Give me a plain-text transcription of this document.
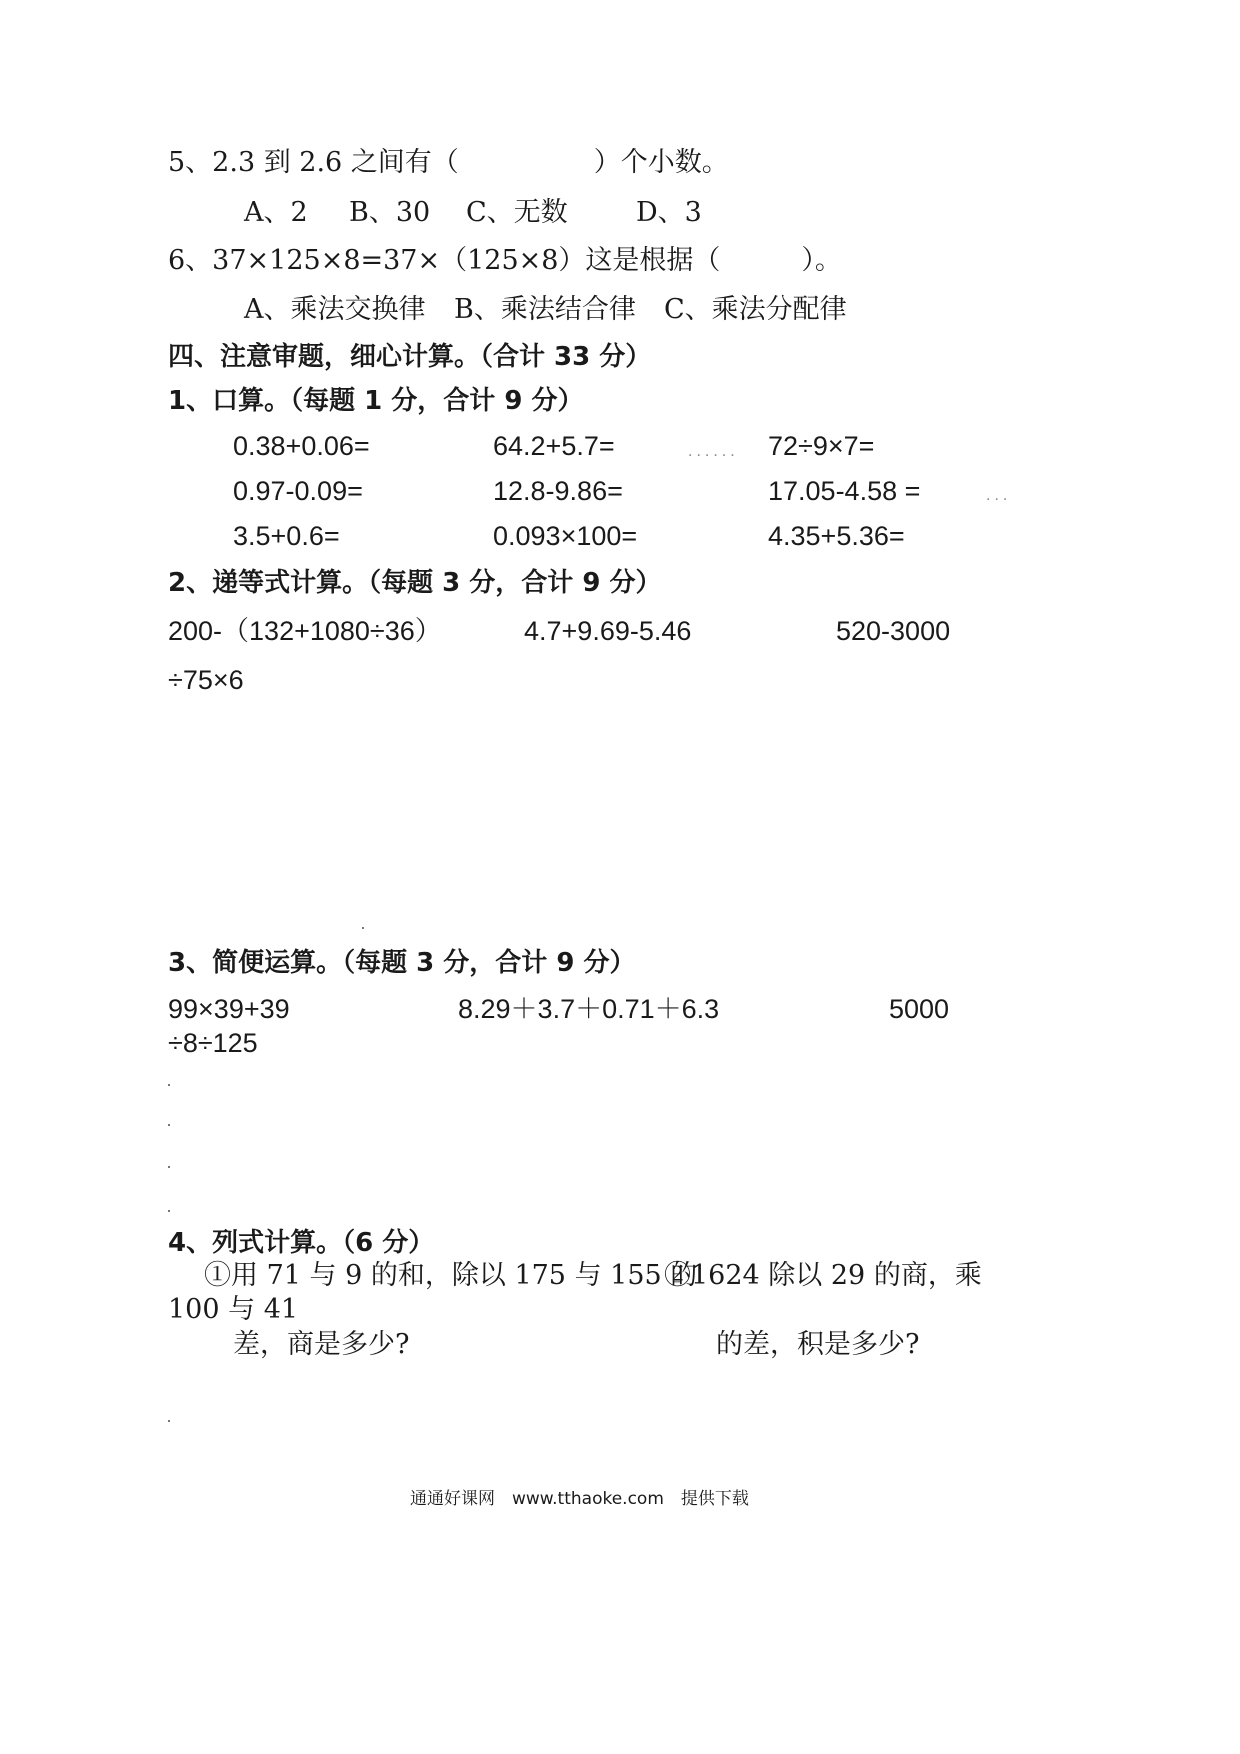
5、2.3 到 2.6 之间有（　　　　　）个小数。
A、2 B、30 C、无数	D、3
6、37×125×8=37×（125×8）这是根据（　　　）。
A、乘法交换律 B、乘法结合律 C、乘法分配律
四、注意审题，细心计算。（合计 33 分）
1、口算。（每题 1 分，合计 9 分）
0.38+0.06=	64.2+5.7=	...... 72÷9×7=
0.97-0.09=	12.8-9.86=	17.05-4.58 =	...
3.5+0.6=	0.093×100=	4.35+5.36=
2、递等式计算。（每题 3 分，合计 9 分）
200-（132+1080÷36）	4.7+9.69-5.46	520-3000
÷75×6
3、简便运算。（每题 3 分，合计 9 分）
99×39+39	8.29＋3.7＋0.71＋6.3	5000
÷8÷125
4、列式计算。（6 分）
①用 71 与 9 的和，除以 175 与 155 的
②1624 除以 29 的商，乘
100 与 41
差，商是多少?	的差，积是多少?
通通好课网　www.tthaoke.com　提供下载
